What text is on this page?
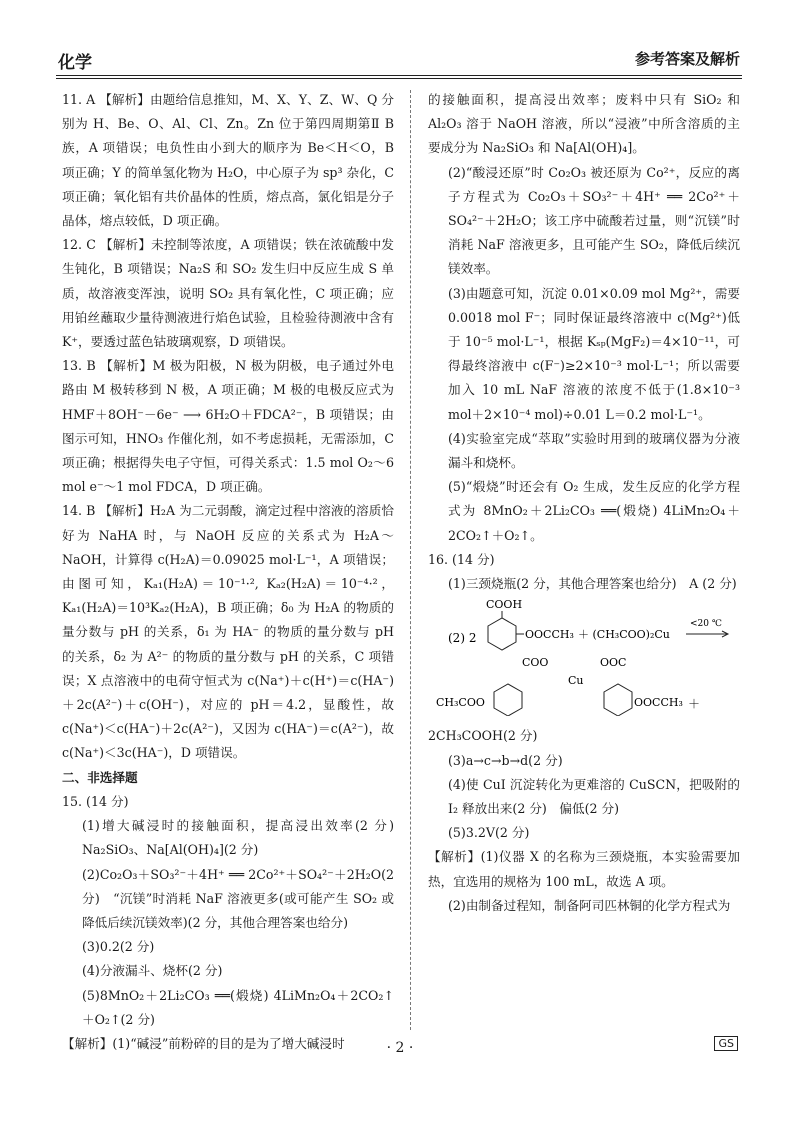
化学	参考答案及解析

11. A 【解析】由题给信息推知，M、X、Y、Z、W、Q 分别为 H、Be、O、Al、Cl、Zn。Zn 位于第四周期第Ⅱ B 族，A 项错误；电负性由小到大的顺序为 Be＜H＜O，B 项正确；Y 的简单氢化物为 H₂O，中心原子为 sp³ 杂化，C 项正确；氧化铝有共价晶体的性质，熔点高，氯化铝是分子晶体，熔点较低，D 项正确。

12. C 【解析】未控制等浓度，A 项错误；铁在浓硫酸中发生钝化，B 项错误；Na₂S 和 SO₂ 发生归中反应生成 S 单质，故溶液变浑浊，说明 SO₂ 具有氧化性，C 项正确；应用铂丝蘸取少量待测液进行焰色试验，且检验待测液中含有 K⁺，要透过蓝色钴玻璃观察，D 项错误。

13. B 【解析】M 极为阳极，N 极为阴极，电子通过外电路由 M 极转移到 N 极，A 项正确；M 极的电极反应式为 HMF＋8OH⁻－6e⁻ ⟶ 6H₂O＋FDCA²⁻，B 项错误；由图示可知，HNO₃ 作催化剂，如不考虑损耗，无需添加，C 项正确；根据得失电子守恒，可得关系式：1.5 mol O₂～6 mol e⁻～1 mol FDCA，D 项正确。

14. B 【解析】H₂A 为二元弱酸，滴定过程中溶液的溶质恰好为 NaHA 时，与 NaOH 反应的关系式为 H₂A～NaOH，计算得 c(H₂A)＝0.09025 mol·L⁻¹，A 项错误；由图可知，Kₐ₁(H₂A)＝10⁻¹·², Kₐ₂(H₂A)＝10⁻⁴·²，Kₐ₁(H₂A)＝10³Kₐ₂(H₂A)，B 项正确；δ₀ 为 H₂A 的物质的量分数与 pH 的关系，δ₁ 为 HA⁻ 的物质的量分数与 pH 的关系，δ₂ 为 A²⁻ 的物质的量分数与 pH 的关系，C 项错误；X 点溶液中的电荷守恒式为 c(Na⁺)＋c(H⁺)＝c(HA⁻)＋2c(A²⁻)＋c(OH⁻)，对应的 pH＝4.2，显酸性，故 c(Na⁺)＜c(HA⁻)＋2c(A²⁻)，又因为 c(HA⁻)＝c(A²⁻)，故 c(Na⁺)＜3c(HA⁻)，D 项错误。

二、非选择题

15. (14 分)

(1)增大碱浸时的接触面积，提高浸出效率(2 分)　Na₂SiO₃、Na[Al(OH)₄](2 分)

(2)Co₂O₃＋SO₃²⁻＋4H⁺ ══ 2Co²⁺＋SO₄²⁻＋2H₂O(2 分)　“沉镁”时消耗 NaF 溶液更多(或可能产生 SO₂ 或降低后续沉镁效率)(2 分，其他合理答案也给分)

(3)0.2(2 分)

(4)分液漏斗、烧杯(2 分)

(5)8MnO₂＋2Li₂CO₃ ══(煅烧) 4LiMn₂O₄＋2CO₂↑＋O₂↑(2 分)

【解析】(1)“碱浸”前粉碎的目的是为了增大碱浸时

的接触面积，提高浸出效率；废料中只有 SiO₂ 和 Al₂O₃ 溶于 NaOH 溶液，所以“浸液”中所含溶质的主要成分为 Na₂SiO₃ 和 Na[Al(OH)₄]。

(2)“酸浸还原”时 Co₂O₃ 被还原为 Co²⁺，反应的离子方程式为 Co₂O₃＋SO₃²⁻＋4H⁺ ══ 2Co²⁺＋SO₄²⁻＋2H₂O；该工序中硫酸若过量，则“沉镁”时消耗 NaF 溶液更多，且可能产生 SO₂，降低后续沉镁效率。

(3)由题意可知，沉淀 0.01×0.09 mol Mg²⁺，需要 0.0018 mol F⁻；同时保证最终溶液中 c(Mg²⁺)低于 10⁻⁵ mol·L⁻¹，根据 Kₛₚ(MgF₂)＝4×10⁻¹¹，可得最终溶液中 c(F⁻)≥2×10⁻³ mol·L⁻¹；所以需要加入 10 mL NaF 溶液的浓度不低于(1.8×10⁻³ mol＋2×10⁻⁴ mol)÷0.01 L＝0.2 mol·L⁻¹。

(4)实验室完成“萃取”实验时用到的玻璃仪器为分液漏斗和烧杯。

(5)“煅烧”时还会有 O₂ 生成，发生反应的化学方程式为 8MnO₂＋2Li₂CO₃ ══(煅烧) 4LiMn₂O₄＋2CO₂↑＋O₂↑。

16. (14 分)

(1)三颈烧瓶(2 分，其他合理答案也给分)　A (2 分)

(2) 2
COOH
OOCCH₃ ＋ (CH₃COO)₂Cu
<20 ℃
COO	OOC
Cu
CH₃COO	OOCCH₃ ＋

2CH₃COOH(2 分)

(3)a→c→b→d(2 分)

(4)使 CuI 沉淀转化为更难溶的 CuSCN，把吸附的 I₂ 释放出来(2 分)　偏低(2 分)

(5)3.2V(2 分)

【解析】(1)仪器 X 的名称为三颈烧瓶，本实验需要加热，宜选用的规格为 100 mL，故选 A 项。

(2)由制备过程知，制备阿司匹林铜的化学方程式为

· 2 ·	GS
